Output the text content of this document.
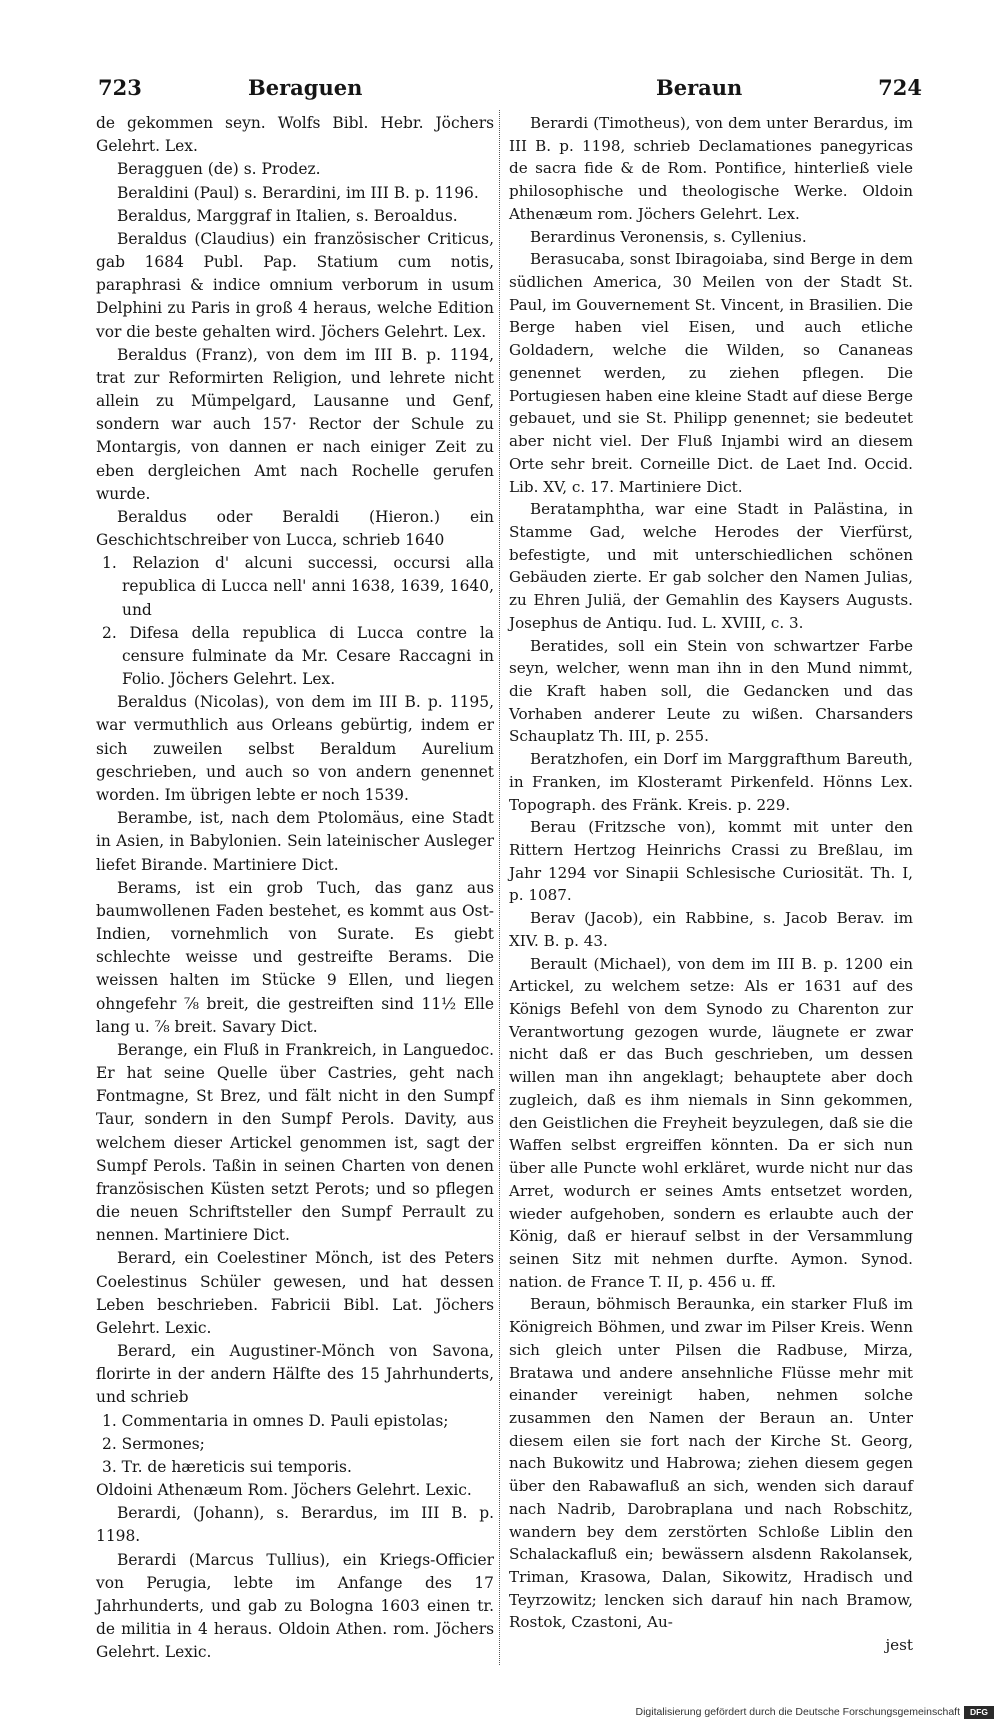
723	Beraguen	Beraun	724

de gekommen seyn. Wolfs Bibl. Hebr. Jöchers Gelehrt. Lex.

Beragguen (de) s. Prodez.

Beraldini (Paul) s. Berardini, im III B. p. 1196.

Beraldus, Marggraf in Italien, s. Beroaldus.

Beraldus (Claudius) ein französischer Criticus, gab 1684 Publ. Pap. Statium cum notis, paraphrasi & indice omnium verborum in usum Delphini zu Paris in groß 4 heraus, welche Edition vor die beste gehalten wird. Jöchers Gelehrt. Lex.

Beraldus (Franz), von dem im III B. p. 1194, trat zur Reformirten Religion, und lehrete nicht allein zu Mümpelgard, Lausanne und Genf, sondern war auch 157· Rector der Schule zu Montargis, von dannen er nach einiger Zeit zu eben dergleichen Amt nach Rochelle gerufen wurde.

Beraldus oder Beraldi (Hieron.) ein Geschichtschreiber von Lucca, schrieb 1640

1. Relazion d' alcuni successi, occursi alla republica di Lucca nell' anni 1638, 1639, 1640, und

2. Difesa della republica di Lucca contre la censure fulminate da Mr. Cesare Raccagni in Folio. Jöchers Gelehrt. Lex.

Beraldus (Nicolas), von dem im III B. p. 1195, war vermuthlich aus Orleans gebürtig, indem er sich zuweilen selbst Beraldum Aurelium geschrieben, und auch so von andern genennet worden. Im übrigen lebte er noch 1539.

Berambe, ist, nach dem Ptolomäus, eine Stadt in Asien, in Babylonien. Sein lateinischer Ausleger liefet Birande. Martiniere Dict.

Berams, ist ein grob Tuch, das ganz aus baumwollenen Faden bestehet, es kommt aus Ost-Indien, vornehmlich von Surate. Es giebt schlechte weisse und gestreifte Berams. Die weissen halten im Stücke 9 Ellen, und liegen ohngefehr ⅞ breit, die gestreiften sind 11½ Elle lang u. ⅞ breit. Savary Dict.

Berange, ein Fluß in Frankreich, in Languedoc. Er hat seine Quelle über Castries, geht nach Fontmagne, St Brez, und fält nicht in den Sumpf Taur, sondern in den Sumpf Perols. Davity, aus welchem dieser Artickel genommen ist, sagt der Sumpf Perols. Taßin in seinen Charten von denen französischen Küsten setzt Perots; und so pflegen die neuen Schriftsteller den Sumpf Perrault zu nennen. Martiniere Dict.

Berard, ein Coelestiner Mönch, ist des Peters Coelestinus Schüler gewesen, und hat dessen Leben beschrieben. Fabricii Bibl. Lat. Jöchers Gelehrt. Lexic.

Berard, ein Augustiner-Mönch von Savona, florirte in der andern Hälfte des 15 Jahrhunderts, und schrieb

1. Commentaria in omnes D. Pauli epistolas;

2. Sermones;

3. Tr. de hæreticis sui temporis.

Oldoini Athenæum Rom. Jöchers Gelehrt. Lexic.

Berardi, (Johann), s. Berardus, im III B. p. 1198.

Berardi (Marcus Tullius), ein Kriegs-Officier von Perugia, lebte im Anfange des 17 Jahrhunderts, und gab zu Bologna 1603 einen tr. de militia in 4 heraus. Oldoin Athen. rom. Jöchers Gelehrt. Lexic.

Berardi (Timotheus), von dem unter Berardus, im III B. p. 1198, schrieb Declamationes panegyricas de sacra fide & de Rom. Pontifice, hinterließ viele philosophische und theologische Werke. Oldoin Athenæum rom. Jöchers Gelehrt. Lex.

Berardinus Veronensis, s. Cyllenius.

Berasucaba, sonst Ibiragoiaba, sind Berge in dem südlichen America, 30 Meilen von der Stadt St. Paul, im Gouvernement St. Vincent, in Brasilien. Die Berge haben viel Eisen, und auch etliche Goldadern, welche die Wilden, so Cananeas genennet werden, zu ziehen pflegen. Die Portugiesen haben eine kleine Stadt auf diese Berge gebauet, und sie St. Philipp genennet; sie bedeutet aber nicht viel. Der Fluß Injambi wird an diesem Orte sehr breit. Corneille Dict. de Laet Ind. Occid. Lib. XV, c. 17. Martiniere Dict.

Beratamphtha, war eine Stadt in Palästina, in Stamme Gad, welche Herodes der Vierfürst, befestigte, und mit unterschiedlichen schönen Gebäuden zierte. Er gab solcher den Namen Julias, zu Ehren Juliä, der Gemahlin des Kaysers Augusts. Josephus de Antiqu. Iud. L. XVIII, c. 3.

Beratides, soll ein Stein von schwartzer Farbe seyn, welcher, wenn man ihn in den Mund nimmt, die Kraft haben soll, die Gedancken und das Vorhaben anderer Leute zu wißen. Charsanders Schauplatz Th. III, p. 255.

Beratzhofen, ein Dorf im Marggrafthum Bareuth, in Franken, im Klosteramt Pirkenfeld. Hönns Lex. Topograph. des Fränk. Kreis. p. 229.

Berau (Fritzsche von), kommt mit unter den Rittern Hertzog Heinrichs Crassi zu Breßlau, im Jahr 1294 vor Sinapii Schlesische Curiosität. Th. I, p. 1087.

Berav (Jacob), ein Rabbine, s. Jacob Berav. im XIV. B. p. 43.

Berault (Michael), von dem im III B. p. 1200 ein Artickel, zu welchem setze: Als er 1631 auf des Königs Befehl von dem Synodo zu Charenton zur Verantwortung gezogen wurde, läugnete er zwar nicht daß er das Buch geschrieben, um dessen willen man ihn angeklagt; behauptete aber doch zugleich, daß es ihm niemals in Sinn gekommen, den Geistlichen die Freyheit beyzulegen, daß sie die Waffen selbst ergreiffen könnten. Da er sich nun über alle Puncte wohl erkläret, wurde nicht nur das Arret, wodurch er seines Amts entsetzet worden, wieder aufgehoben, sondern es erlaubte auch der König, daß er hierauf selbst in der Versammlung seinen Sitz mit nehmen durfte. Aymon. Synod. nation. de France T. II, p. 456 u. ff.

Beraun, böhmisch Beraunka, ein starker Fluß im Königreich Böhmen, und zwar im Pilser Kreis. Wenn sich gleich unter Pilsen die Radbuse, Mirza, Bratawa und andere ansehnliche Flüsse mehr mit einander vereinigt haben, nehmen solche zusammen den Namen der Beraun an. Unter diesem eilen sie fort nach der Kirche St. Georg, nach Bukowitz und Habrowa; ziehen diesem gegen über den Rabawafluß an sich, wenden sich darauf nach Nadrib, Darobraplana und nach Robschitz, wandern bey dem zerstörten Schloße Liblin den Schalackafluß ein; bewässern alsdenn Rakolansek, Triman, Krasowa, Dalan, Sikowitz, Hradisch und Teyrzowitz; lencken sich darauf hin nach Bramow, Rostok, Czastoni, Au-

jest

Digitalisierung gefördert durch die Deutsche Forschungsgemeinschaft	DFG
